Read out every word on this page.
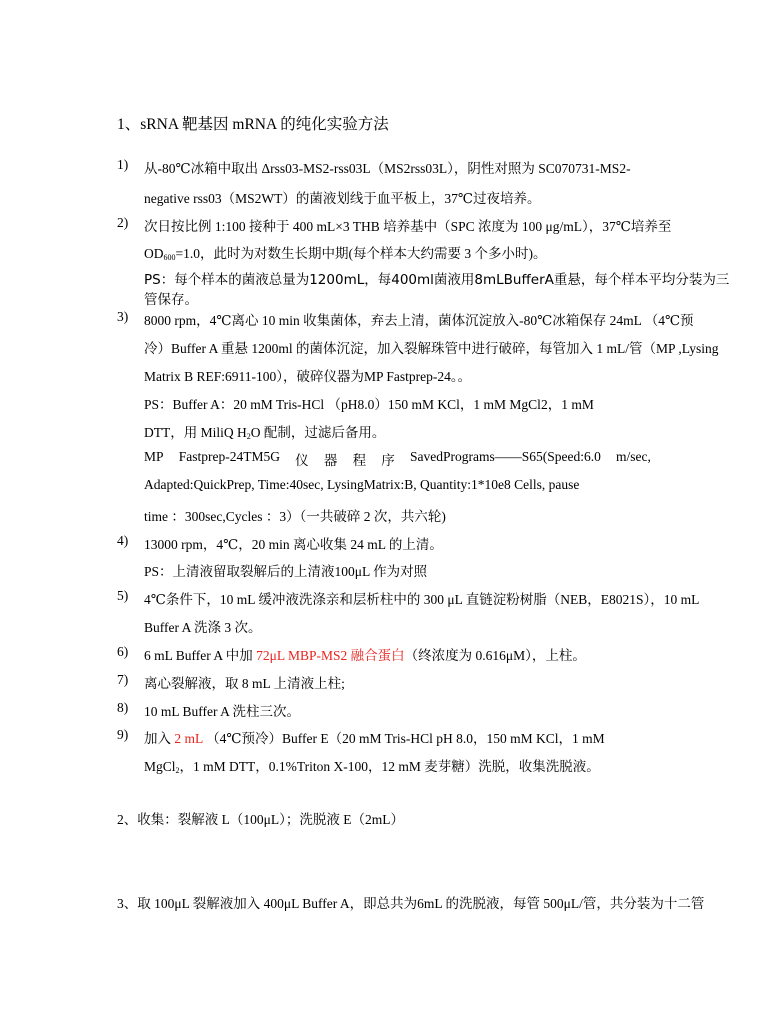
1、sRNA 靶基因 mRNA 的纯化实验方法
1) 从-80℃冰箱中取出 Δrss03-MS2-rss03L（MS2rss03L），阴性对照为 SC070731-MS2-
negative rss03（MS2WT）的菌液划线于血平板上，37℃过夜培养。
2) 次日按比例 1:100 接种于 400 mL×3 THB 培养基中（SPC 浓度为 100 μg/mL），37℃培养至
$OD_{600}=1.0$，此时为对数生长期中期(每个样本大约需要 3 个多小时)。
PS：每个样本的菌液总量为1200mL，每400ml菌液用8mLBufferA重悬，每个样本平均分装为三
管保存。
3) 8000 rpm，4℃离心 10 min 收集菌体，弃去上清，菌体沉淀放入-80℃冰箱保存 24mL （4℃预
冷）Buffer A 重悬 1200ml 的菌体沉淀，加入裂解珠管中进行破碎，每管加入 1 mL/管（MP ,Lysing
Matrix B REF:6911-100），破碎仪器为MP Fastprep-24。。
PS：Buffer A：20 mM Tris-HCl （pH8.0）150 mM KCl，1 mM MgCl2，1 mM
DTT，用 MiliQ $H_2O$ 配制，过滤后备用。
MP Fastprep-24TM5G 仪 器 程 序 SavedPrograms——S65(Speed:6.0 m/sec,
Adapted:QuickPrep, Time:40sec, LysingMatrix:B, Quantity:1*10e8 Cells, pause
time ：300sec,Cycles ：3）（一共破碎 2 次，共六轮)
4) 13000 rpm，4℃，20 min 离心收集 24 mL 的上清。
PS：上清液留取裂解后的上清液100μL 作为对照
5) 4℃条件下，10 mL 缓冲液洗涤亲和层析柱中的 300 μL 直链淀粉树脂（NEB，E8021S），10 mL
Buffer A 洗涤 3 次。
6) 6 mL Buffer A 中加 72μL MBP-MS2 融合蛋白（终浓度为 0.616μM），上柱。
7) 离心裂解液，取 8 mL 上清液上柱;
8) 10 mL Buffer A 洗柱三次。
9) 加入 2 mL （4℃预冷）Buffer E（20 mM Tris-HCl pH 8.0，150 mM KCl，1 mM
MgCl$_2$，1 mM DTT，0.1%Triton X-100，12 mM 麦芽糖）洗脱，收集洗脱液。
2、收集：裂解液 L（100μL）；洗脱液 E（2mL）
3、取 100μL 裂解液加入 400μL Buffer A，即总共为6mL 的洗脱液，每管 500μL/管，共分装为十二管
